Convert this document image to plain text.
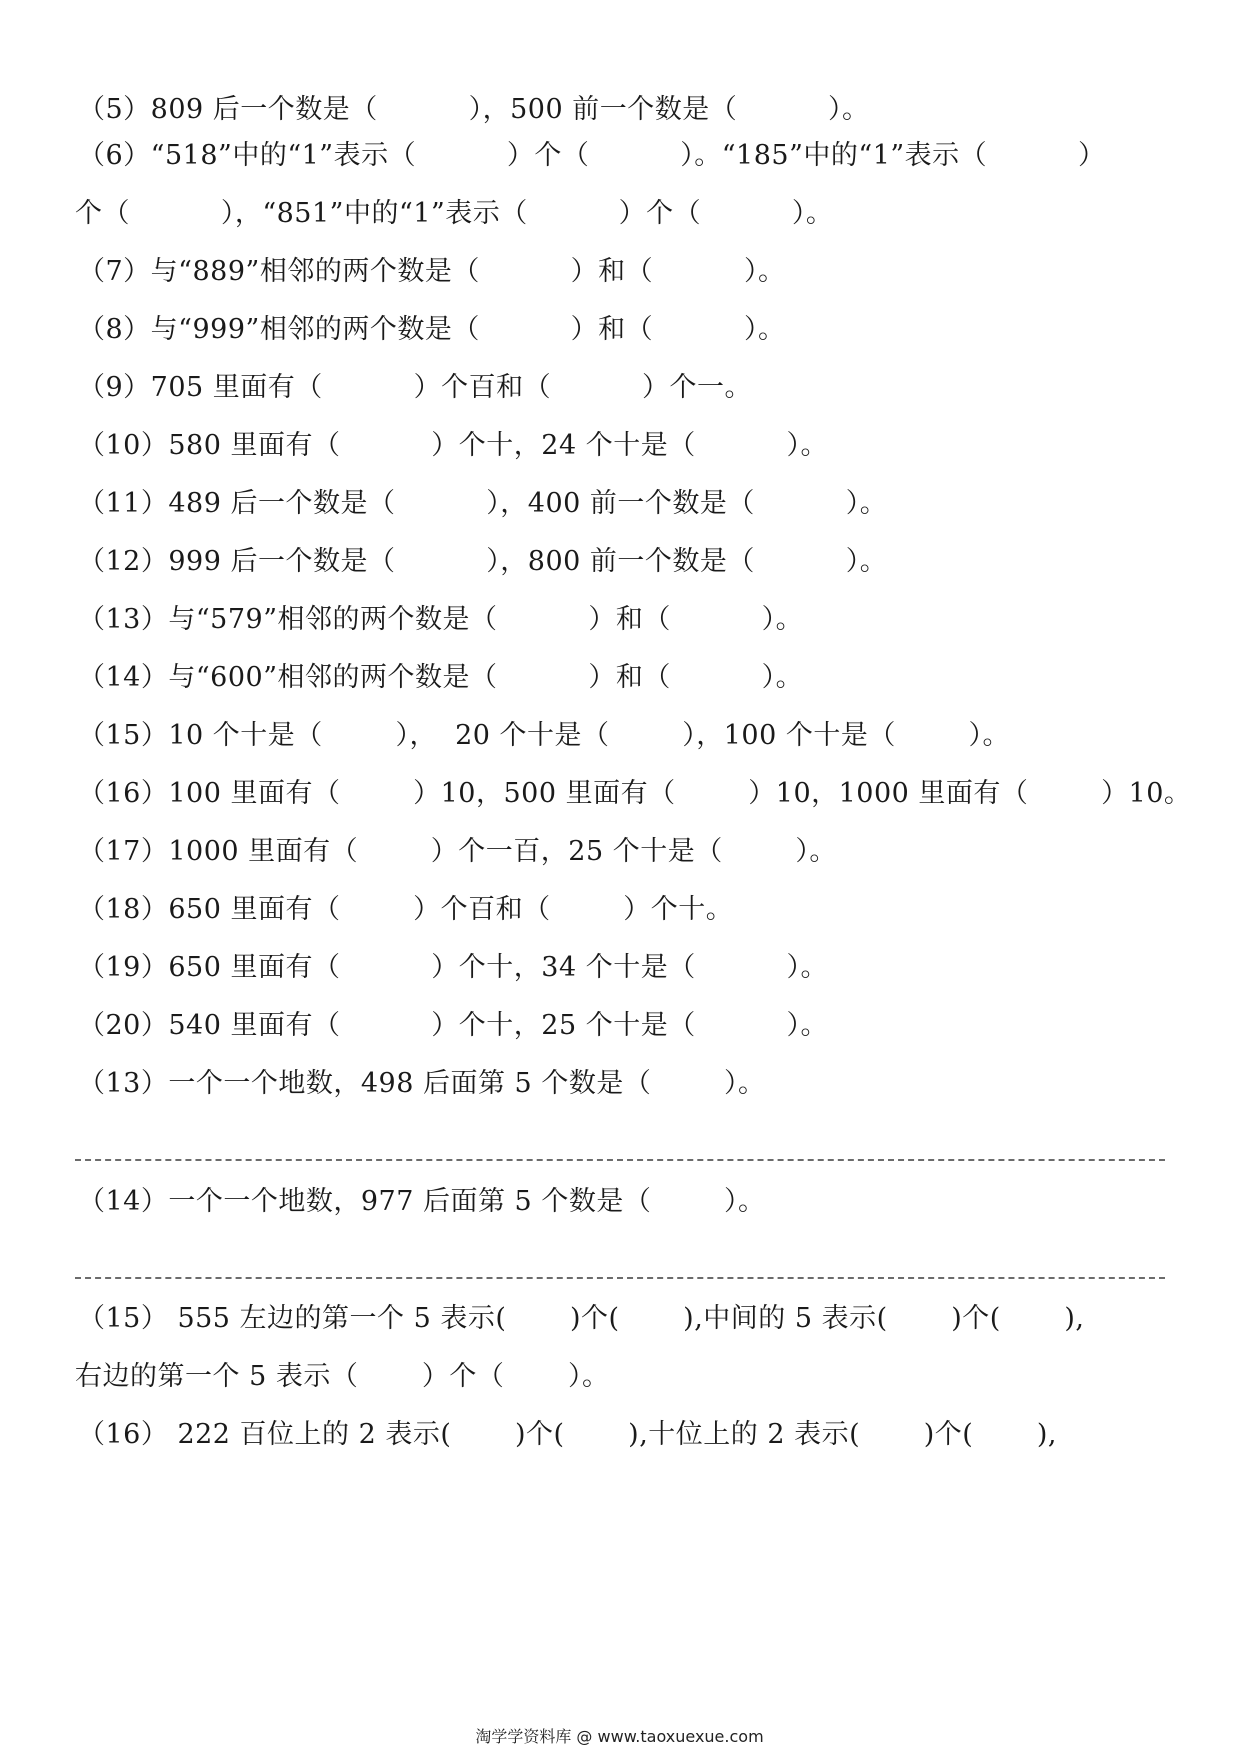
（5）809 后一个数是（          ），500 前一个数是（          ）。
（6）“518”中的“1”表示（          ）个（          ）。“185”中的“1”表示（          ）
个（          ），“851”中的“1”表示（          ）个（          ）。
（7）与“889”相邻的两个数是（          ）和（          ）。
（8）与“999”相邻的两个数是（          ）和（          ）。
（9）705 里面有（          ）个百和（          ）个一。
（10）580 里面有（          ）个十，24 个十是（          ）。
（11）489 后一个数是（          ），400 前一个数是（          ）。
（12）999 后一个数是（          ），800 前一个数是（          ）。
（13）与“579”相邻的两个数是（          ）和（          ）。
（14）与“600”相邻的两个数是（          ）和（          ）。
（15）10 个十是（        ），  20 个十是（        ），100 个十是（        ）。
（16）100 里面有（        ）10，500 里面有（        ）10，1000 里面有（        ）10。
（17）1000 里面有（        ）个一百，25 个十是（        ）。
（18）650 里面有（        ）个百和（        ）个十。
（19）650 里面有（          ）个十，34 个十是（          ）。
（20）540 里面有（          ）个十，25 个十是（          ）。
（13）一个一个地数，498 后面第 5 个数是（        ）。
（14）一个一个地数，977 后面第 5 个数是（        ）。
（15） 555 左边的第一个 5 表示(       )个(       ),中间的 5 表示(       )个(       ),
右边的第一个 5 表示（       ）个（       ）。
（16） 222 百位上的 2 表示(       )个(       ),十位上的 2 表示(       )个(       ),
淘学学资料库 @ www.taoxuexue.com
